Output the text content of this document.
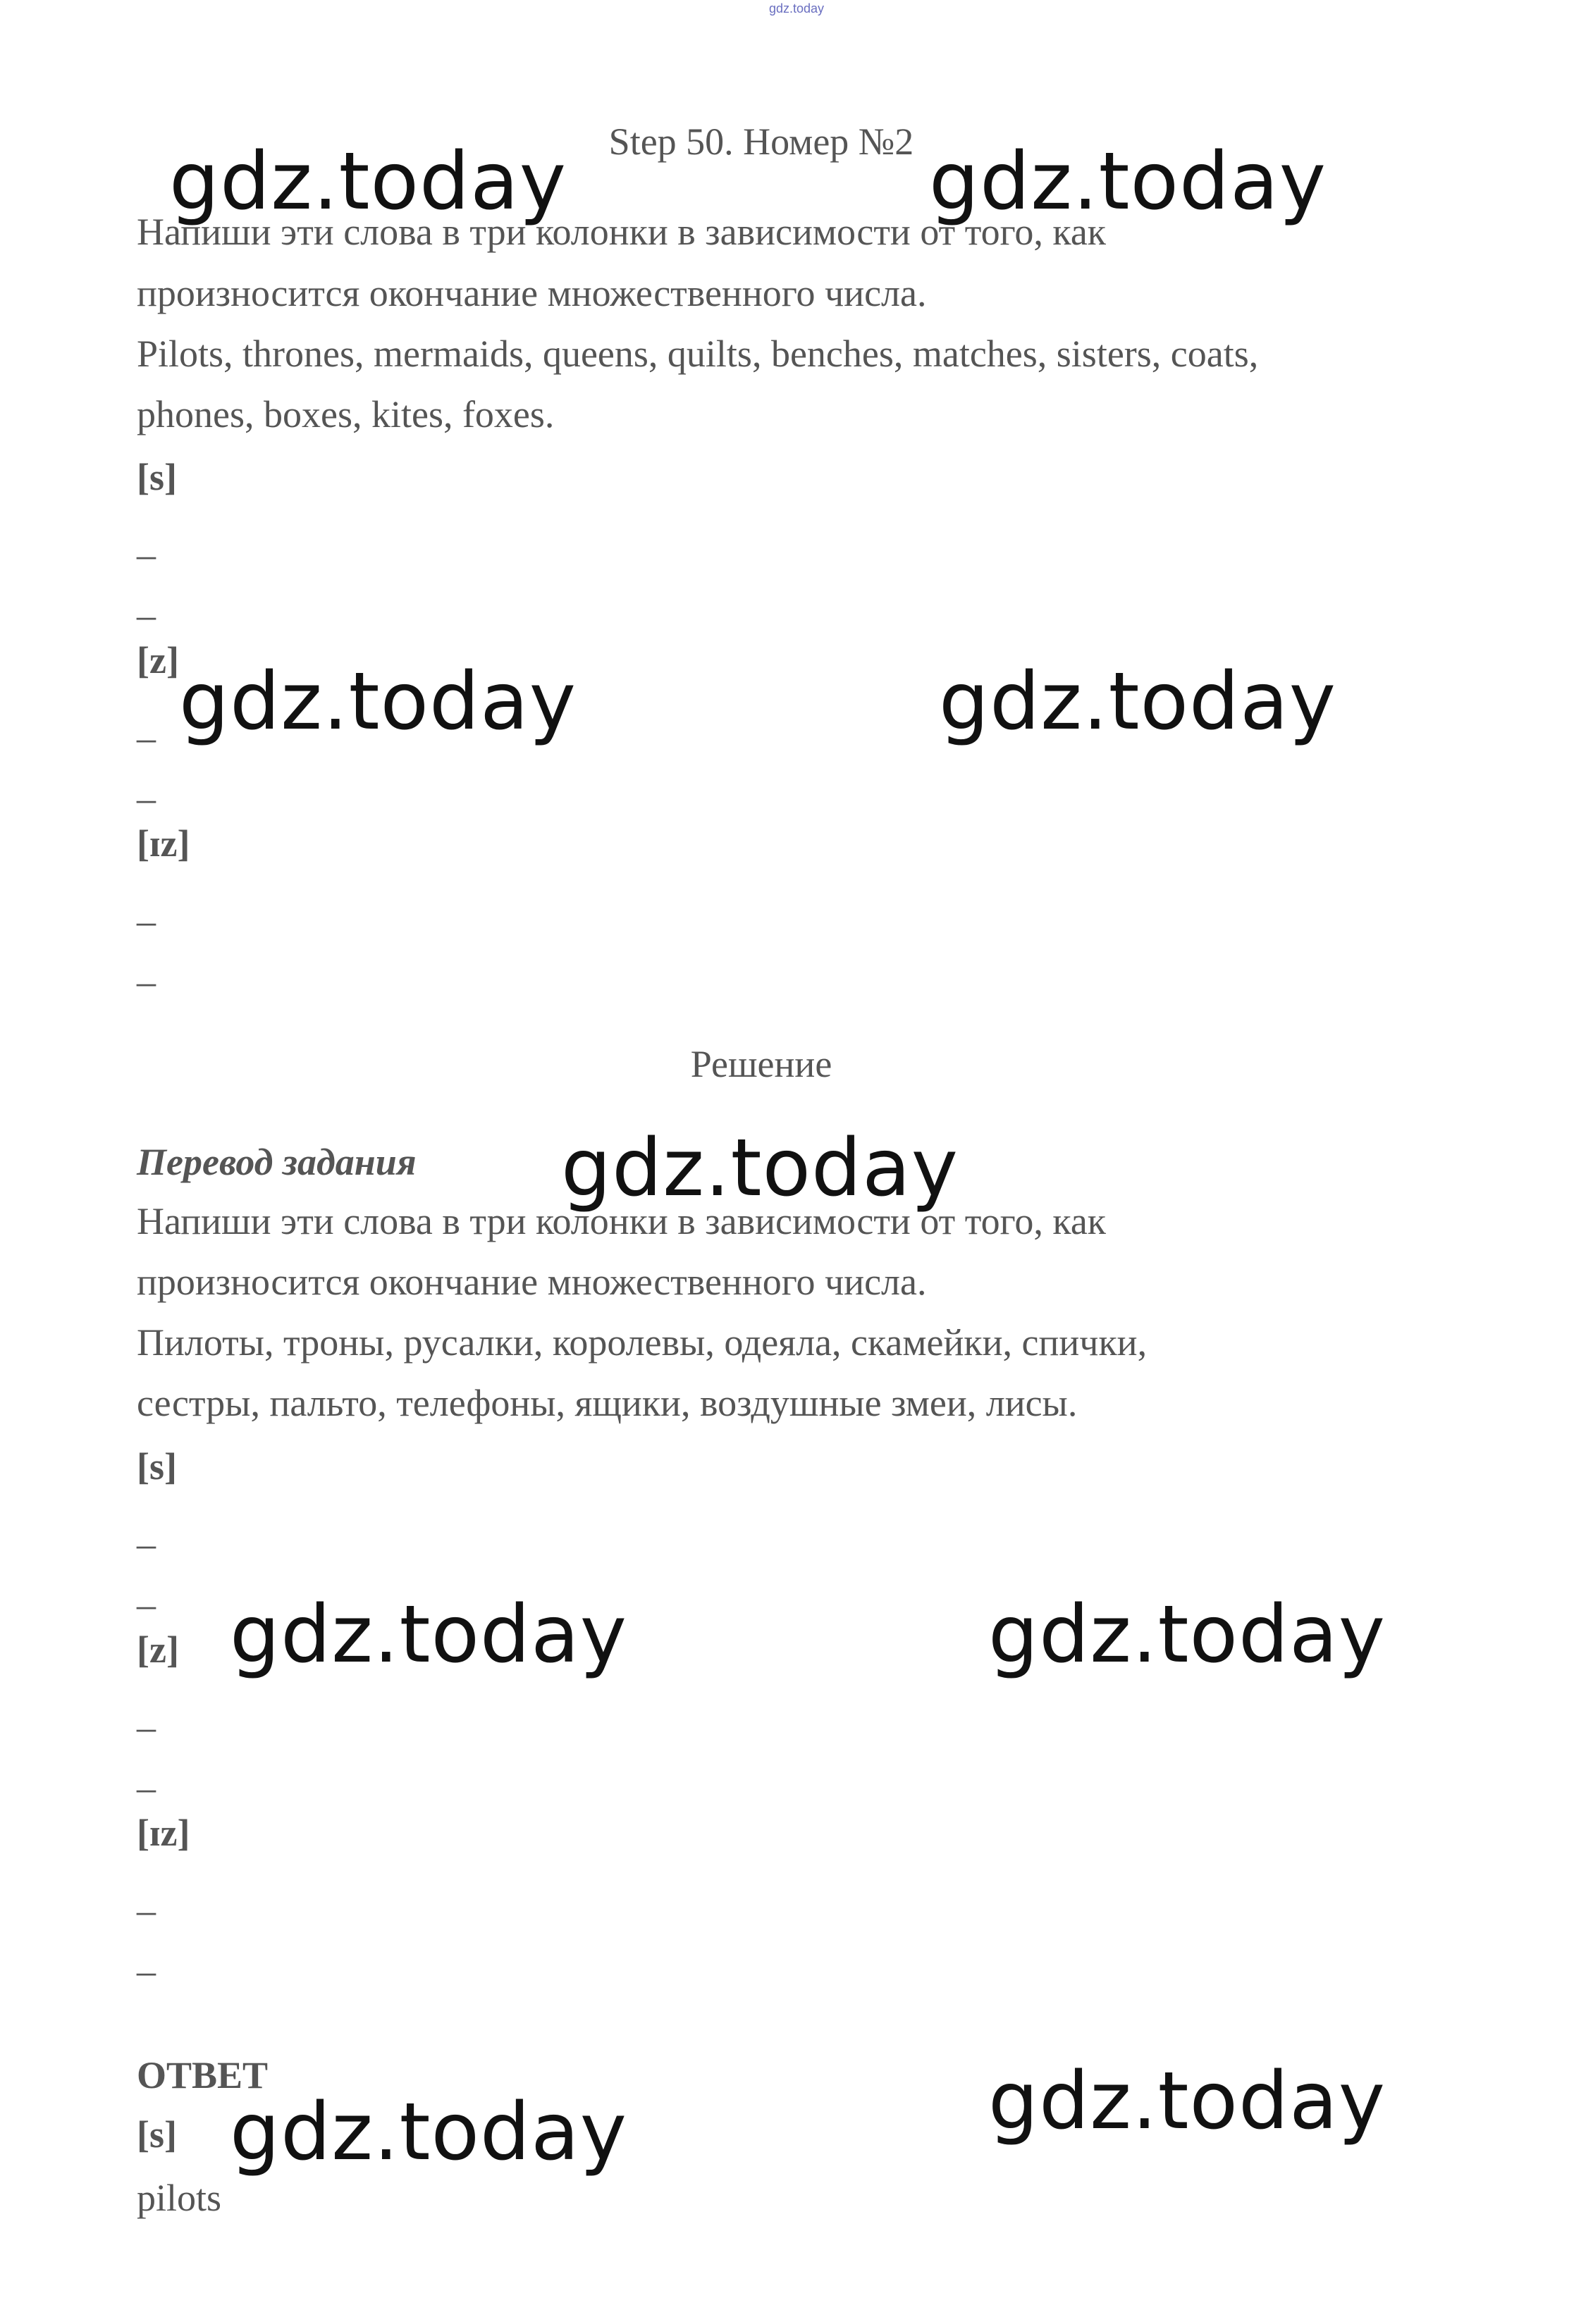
gdz.today
Step 50. Номер №2
Напиши эти слова в три колонки в зависимости от того, как
произносится окончание множественного числа.
Pilots, thrones, mermaids, queens, quilts, benches, matches, sisters, coats,
phones, boxes, kites, foxes.
[s]
–
–
[z]
–
–
[ɪz]
–
–
Решение
Перевод задания
Напиши эти слова в три колонки в зависимости от того, как
произносится окончание множественного числа.
Пилоты, троны, русалки, королевы, одеяла, скамейки, спички,
сестры, пальто, телефоны, ящики, воздушные змеи, лисы.
[s]
–
–
[z]
–
–
[ɪz]
–
–
ОТВЕТ
[s]
pilots
gdz.today	gdz.today
gdz.today	gdz.today
gdz.today
gdz.today	gdz.today
gdz.today
gdz.today
